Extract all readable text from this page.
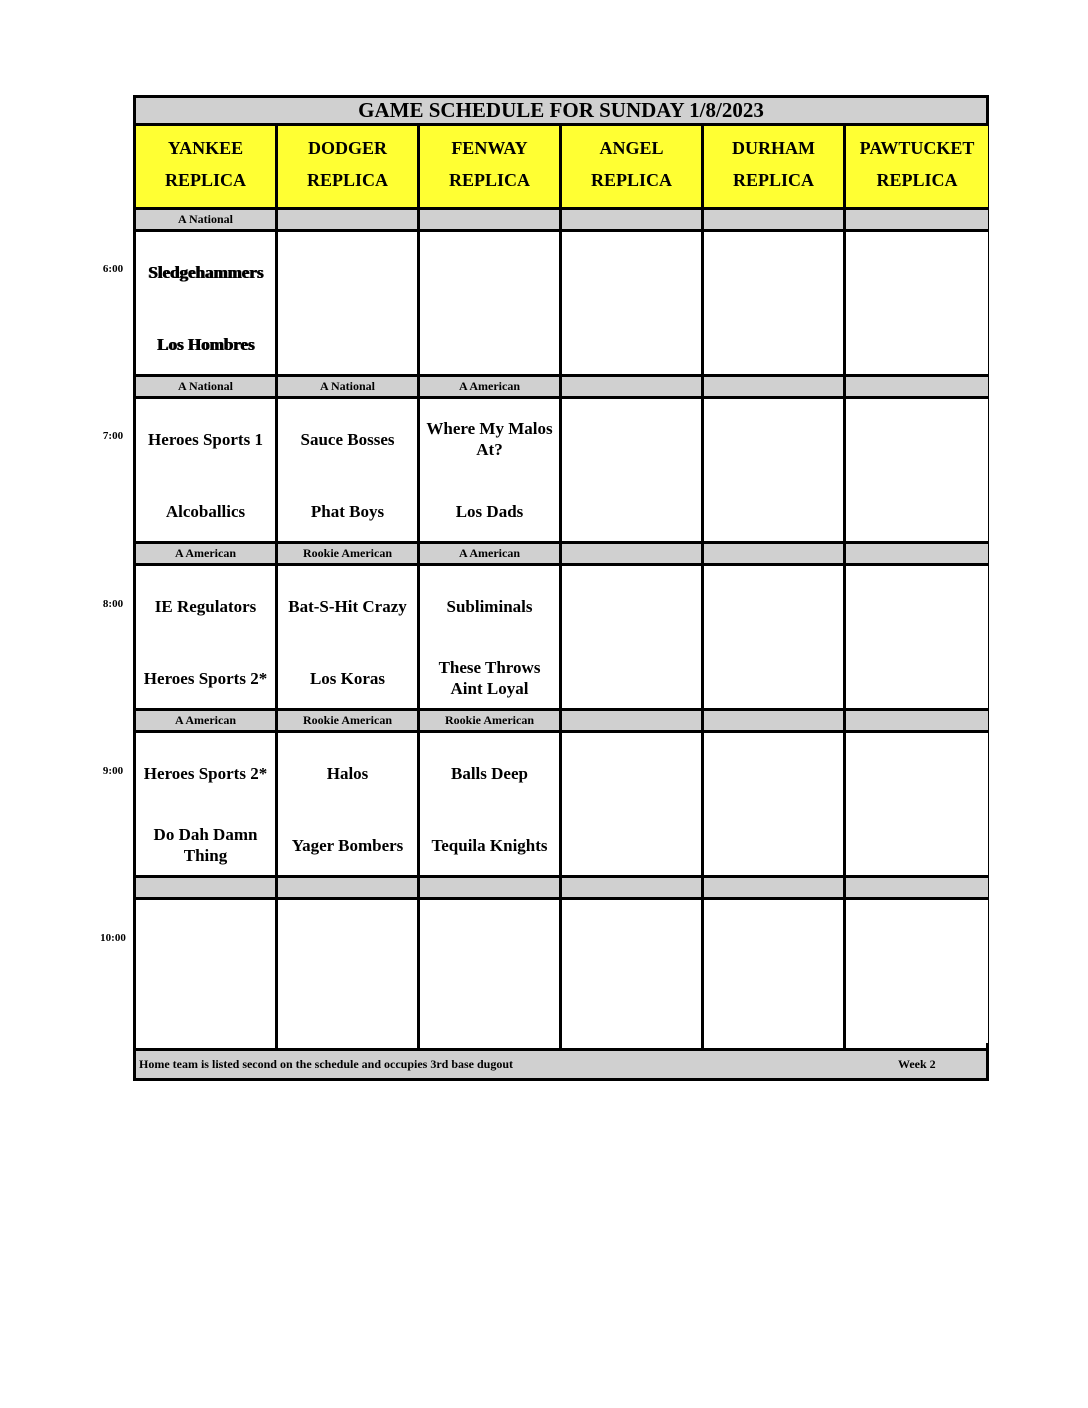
6:00
7:00
8:00
9:00
10:00
GAME SCHEDULE FOR SUNDAY 1/8/2023
YANKEE
REPLICA
A National
Sledgehammers
Los Hombres
A National
Heroes Sports 1
Alcoballics
A American
IE Regulators
Heroes Sports 2*
A American
Heroes Sports 2*
Do Dah Damn Thing
DODGER
REPLICA
A National
Sauce Bosses
Phat Boys
Rookie American
Bat-S-Hit Crazy
Los Koras
Rookie American
Halos
Yager Bombers
FENWAY
REPLICA
A American
Where My Malos At?
Los Dads
A American
Subliminals
These Throws Aint Loyal
Rookie American
Balls Deep
Tequila Knights
ANGEL
REPLICA
DURHAM
REPLICA
PAWTUCKET
REPLICA
Home team is listed second on the schedule and occupies 3rd base dugout	Week 2
